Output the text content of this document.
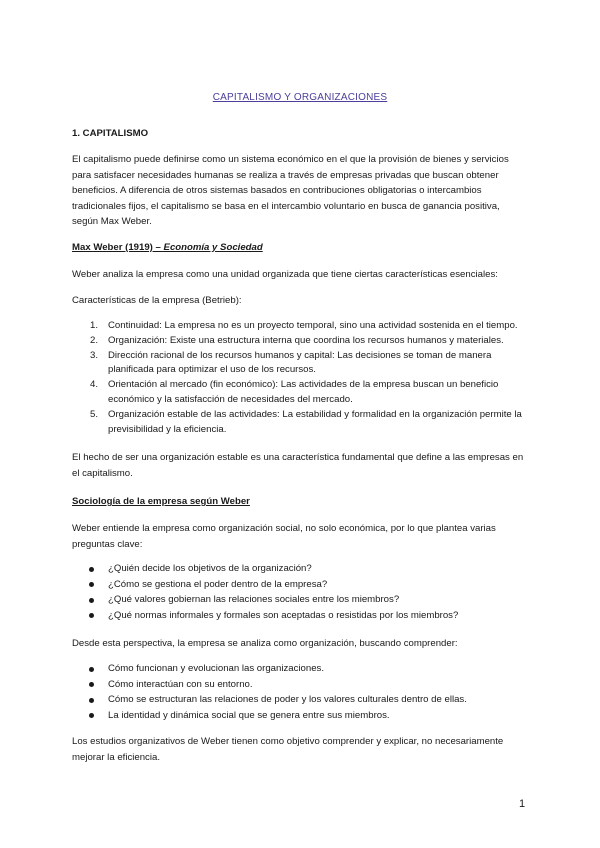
CAPITALISMO Y ORGANIZACIONES

1. CAPITALISMO

El capitalismo puede definirse como un sistema económico en el que la provisión de bienes y servicios para satisfacer necesidades humanas se realiza a través de empresas privadas que buscan obtener beneficios. A diferencia de otros sistemas basados en contribuciones obligatorias o intercambios tradicionales fijos, el capitalismo se basa en el intercambio voluntario en busca de ganancia positiva, según Max Weber.

Max Weber (1919) – Economía y Sociedad

Weber analiza la empresa como una unidad organizada que tiene ciertas características esenciales:

Características de la empresa (Betrieb):

1. Continuidad: La empresa no es un proyecto temporal, sino una actividad sostenida en el tiempo.
2. Organización: Existe una estructura interna que coordina los recursos humanos y materiales.
3. Dirección racional de los recursos humanos y capital: Las decisiones se toman de manera planificada para optimizar el uso de los recursos.
4. Orientación al mercado (fin económico): Las actividades de la empresa buscan un beneficio económico y la satisfacción de necesidades del mercado.
5. Organización estable de las actividades: La estabilidad y formalidad en la organización permite la previsibilidad y la eficiencia.

El hecho de ser una organización estable es una característica fundamental que define a las empresas en el capitalismo.

Sociología de la empresa según Weber

Weber entiende la empresa como organización social, no solo económica, por lo que plantea varias preguntas clave:

¿Quién decide los objetivos de la organización?
¿Cómo se gestiona el poder dentro de la empresa?
¿Qué valores gobiernan las relaciones sociales entre los miembros?
¿Qué normas informales y formales son aceptadas o resistidas por los miembros?

Desde esta perspectiva, la empresa se analiza como organización, buscando comprender:

Cómo funcionan y evolucionan las organizaciones.
Cómo interactúan con su entorno.
Cómo se estructuran las relaciones de poder y los valores culturales dentro de ellas.
La identidad y dinámica social que se genera entre sus miembros.

Los estudios organizativos de Weber tienen como objetivo comprender y explicar, no necesariamente mejorar la eficiencia.

1
